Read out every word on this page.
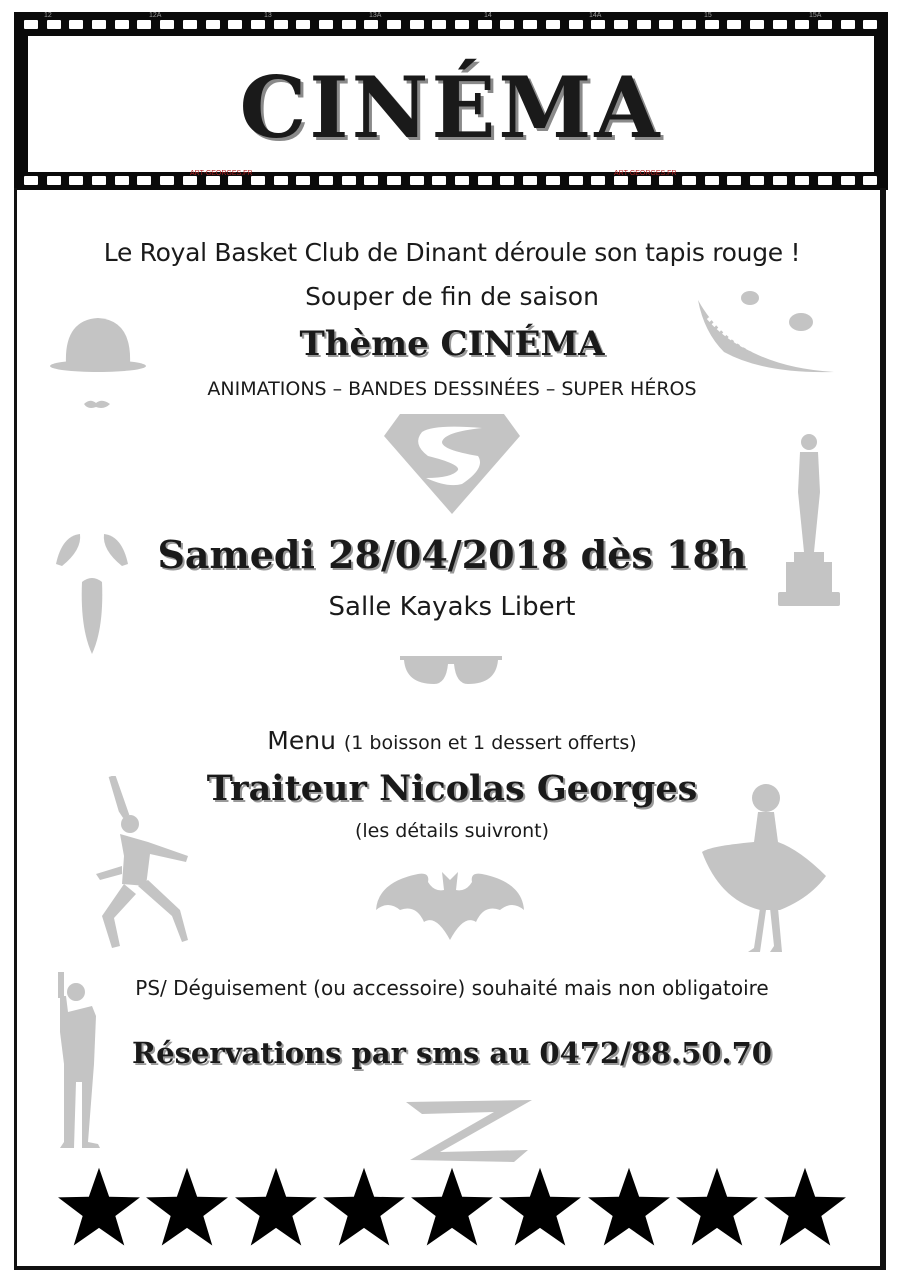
12	12A	13	13A	14	14A	15	15A
CINÉMA
ART-GEORGES.FR	ART-GEORGES.FR
Le Royal Basket Club de Dinant déroule son tapis rouge !
Souper de fin de saison
Thème CINÉMA
ANIMATIONS – BANDES DESSINÉES – SUPER HÉROS
Samedi 28/04/2018 dès 18h
Salle Kayaks Libert
Menu (1 boisson et 1 dessert offerts)
Traiteur Nicolas Georges
(les détails suivront)
PS/ Déguisement (ou accessoire) souhaité mais non obligatoire
Réservations par sms au 0472/88.50.70
